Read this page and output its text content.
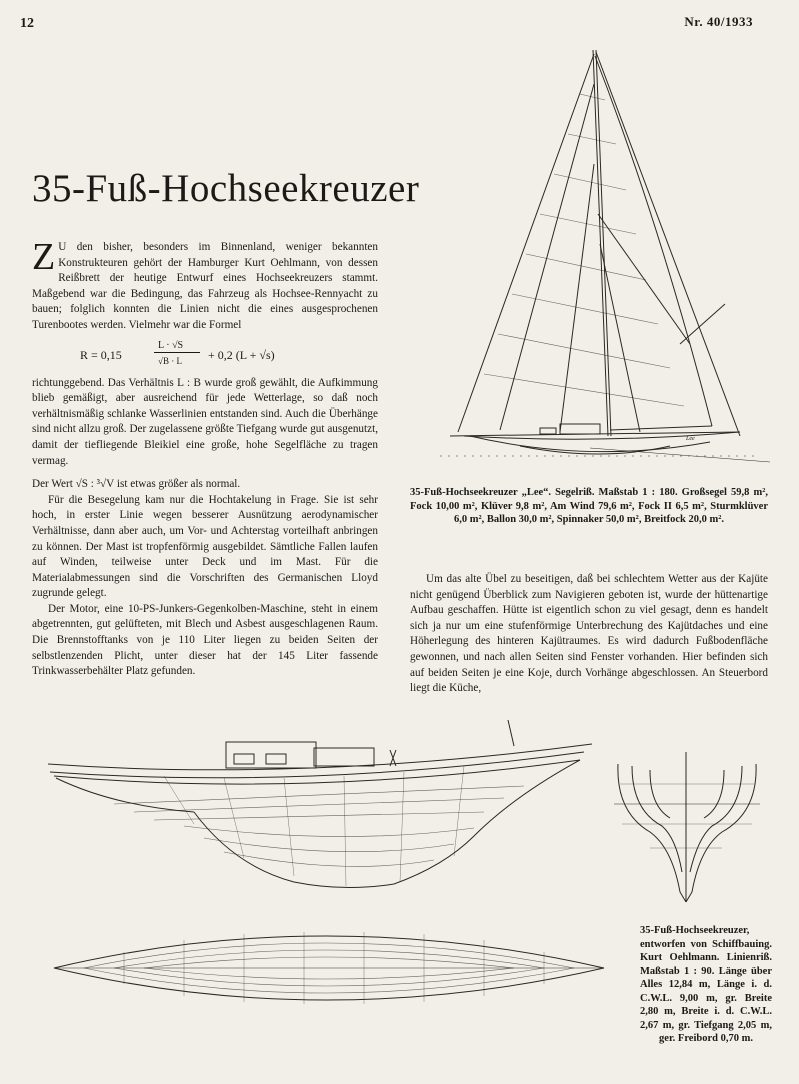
12	Nr. 40/1933
35-Fuß-Hochseekreuzer

Z U den bisher, besonders im Binnenland, weniger bekannten Konstrukteuren gehört der Hamburger Kurt Oehlmann, von dessen Reißbrett der heutige Entwurf eines Hochseekreuzers stammt. Maßgebend war die Bedingung, das Fahrzeug als Hochsee-Rennyacht zu bauen; folglich konnten die Linien nicht die eines ausgesprochenen Turenbootes werden. Vielmehr war die Formel

R = 0,15
L · √S
√B · L + 0,2 (L + √s)

richtunggebend. Das Verhältnis L : B wurde groß gewählt, die Aufkimmung blieb gemäßigt, aber ausreichend für jede Wetterlage, so daß noch verhältnismäßig schlanke Wasserlinien entstanden sind. Auch die Überhänge sind nicht allzu groß. Der zugelassene größte Tiefgang wurde gut ausgenutzt, damit der tiefliegende Bleikiel eine große, hohe Segelfläche zu tragen vermag.

Der Wert √S : ³√V ist etwas größer als normal.

Für die Besegelung kam nur die Hochtakelung in Frage. Sie ist sehr hoch, in erster Linie wegen besserer Ausnützung aerodynamischer Verhältnisse, dann aber auch, um Vor- und Achterstag vorteilhaft anbringen zu können. Der Mast ist tropfenförmig ausgebildet. Sämtliche Fallen laufen auf Winden, teilweise unter Deck und im Mast. Für die Materialabmessungen sind die Vorschriften des Germanischen Lloyd zugrunde gelegt.

Der Motor, eine 10-PS-Junkers-Gegenkolben-Maschine, steht in einem abgetrennten, gut gelüfteten, mit Blech und Asbest ausgeschlagenen Raum. Die Brennstofftanks von je 110 Liter liegen zu beiden Seiten der selbstlenzenden Plicht, unter dieser hat der 145 Liter fassende Trinkwasserbehälter Platz gefunden.

Lee
35-Fuß-Hochseekreuzer „Lee“. Segelriß. Maßstab 1 : 180. Großsegel 59,8 m², Fock 10,00 m², Klüver 9,8 m², Am Wind 79,6 m², Fock II 6,5 m², Sturmklüver 6,0 m², Ballon 30,0 m², Spinnaker 50,0 m², Breitfock 20,0 m².

Um das alte Übel zu beseitigen, daß bei schlechtem Wetter aus der Kajüte nicht genügend Überblick zum Navigieren geboten ist, wurde der hüttenartige Aufbau geschaffen. Hütte ist eigentlich schon zu viel gesagt, denn es handelt sich ja nur um eine stufenförmige Unterbrechung des Kajütdaches und eine Höherlegung des hinteren Kajütraumes. Es wird dadurch Fußbodenfläche gewonnen, und nach allen Seiten sind Fenster vorhanden. Hier befinden sich auf beiden Seiten je eine Koje, durch Vorhänge abgeschlossen. An Steuerbord liegt die Küche,

35-Fuß-Hochseekreuzer, entworfen von Schiffbauing. Kurt Oehlmann. Linienriß. Maßstab 1 : 90. Länge über Alles 12,84 m, Länge i. d. C.W.L. 9,00 m, gr. Breite 2,80 m, Breite i. d. C.W.L. 2,67 m, gr. Tiefgang 2,05 m, ger. Freibord 0,70 m.
